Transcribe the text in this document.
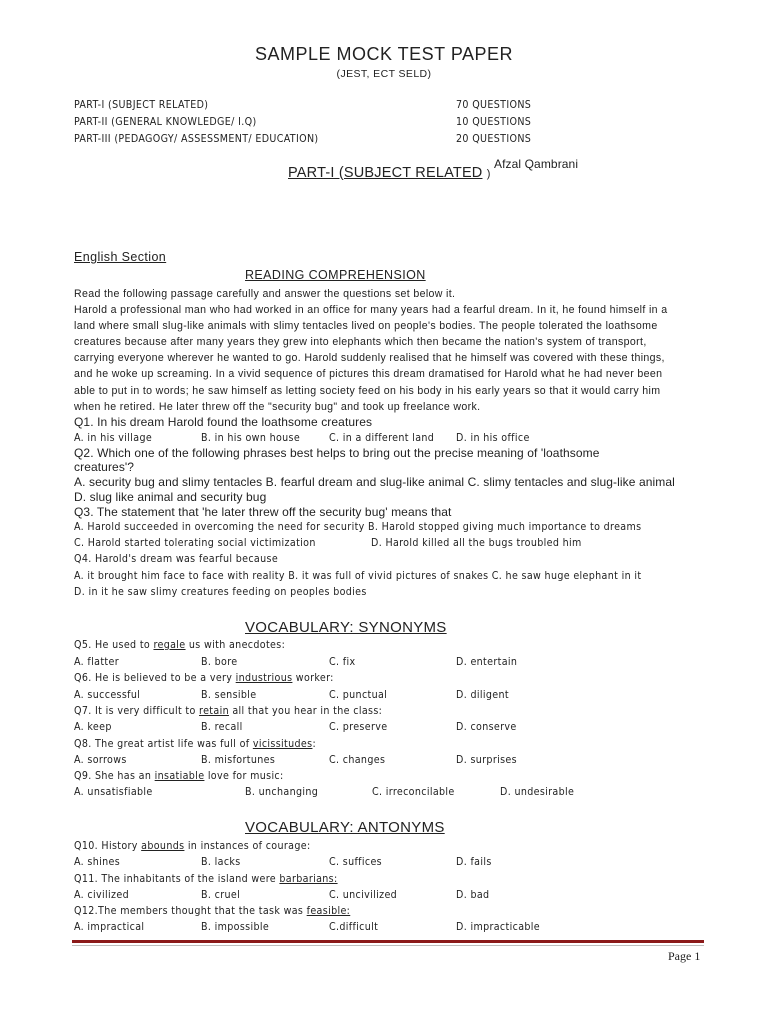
SAMPLE MOCK TEST PAPER
(JEST, ECT SELD)
PART-I (SUBJECT RELATED)	70 QUESTIONS
PART-II (GENERAL KNOWLEDGE/ I.Q)	10 QUESTIONS
PART-III (PEDAGOGY/ ASSESSMENT/ EDUCATION)	20 QUESTIONS
Afzal Qambrani
PART-I (SUBJECT RELATED )
English Section
READING COMPREHENSION
Read the following passage carefully and answer the questions set below it.
Harold a professional man who had worked in an office for many years had a fearful dream. In it, he found himself in a
land where small slug-like animals with slimy tentacles lived on people's bodies. The people tolerated the loathsome
creatures because after many years they grew into elephants which then became the nation's system of transport,
carrying everyone wherever he wanted to go. Harold suddenly realised that he himself was covered with these things,
and he woke up screaming. In a vivid sequence of pictures this dream dramatised for Harold what he had never been
able to put in to words; he saw himself as letting society feed on his body in his early years so that it would carry him
when he retired. He later threw off the "security bug" and took up freelance work.
Q1. In his dream Harold found the loathsome creatures
A. in his village	B. in his own house	C. in a different land D. in his office
Q2. Which one of the following phrases best helps to bring out the precise meaning of 'loathsome
creatures'?
A. security bug and slimy tentacles B. fearful dream and slug-like animal C. slimy tentacles and slug-like animal
D. slug like animal and security bug
Q3. The statement that 'he later threw off the security bug' means that
A. Harold succeeded in overcoming the need for security B. Harold stopped giving much importance to dreams
C. Harold started tolerating social victimization	D. Harold killed all the bugs troubled him
Q4. Harold's dream was fearful because
A. it brought him face to face with reality B. it was full of vivid pictures of snakes C. he saw huge elephant in it
D. in it he saw slimy creatures feeding on peoples bodies
VOCABULARY: SYNONYMS
Q5. He used to regale us with anecdotes:
A. flatter	B. bore	C. fix	D. entertain
Q6. He is believed to be a very industrious worker:
A. successful	B. sensible	C. punctual	D. diligent
Q7. It is very difficult to retain all that you hear in the class:
A. keep	B. recall	C. preserve	D. conserve
Q8. The great artist life was full of vicissitudes:
A. sorrows	B. misfortunes	C. changes	D. surprises
Q9. She has an insatiable love for music:
A. unsatisfiable	B. unchanging	C. irreconcilable	D. undesirable
VOCABULARY: ANTONYMS
Q10. History abounds in instances of courage:
A. shines	B. lacks	C. suffices	D. fails
Q11. The inhabitants of the island were barbarians:
A. civilized	B. cruel	C. uncivilized	D. bad
Q12.The members thought that the task was feasible:
A. impractical	B. impossible	C.difficult	D. impracticable
Page 1
